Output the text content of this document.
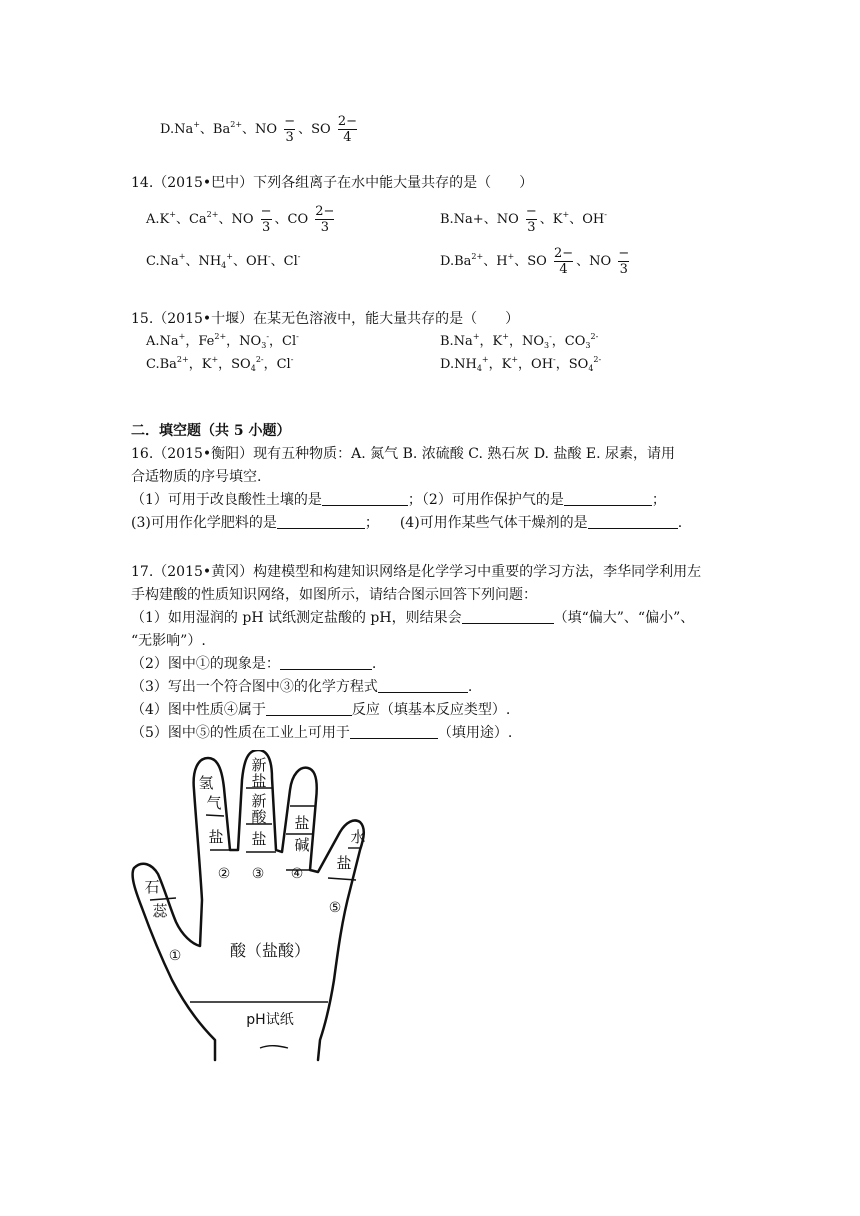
D.Na+、$Ba^{2+}$、NO $\frac{-}{3}$ 、SO $\frac{2-}{4}$
14.（2015•巴中）下列各组离子在水中能大量共存的是（　　）
A.K+、$Ca^{2+}$、NO $\frac{-}{3}$ 、CO $\frac{2-}{3}$	B.Na+、NO $\frac{-}{3}$ 、K+、OH-
C.Na+、$NH_4^+$、OH-、Cl-	$D.Ba^{2+}$、H+、SO $\frac{2-}{4}$ 、NO $\frac{-}{3}$
15.（2015•十堰）在某无色溶液中，能大量共存的是（　　）
A.Na+，$Fe^{2+}$，$NO_3^-$，Cl-	B.Na+，K+，$NO_3^-$，$CO_3^{2-}$
$C.Ba^{2+}$，K+，$SO_4^{2-}$，Cl-	$D.NH_4^+$，K+，OH-，$SO_4^{2-}$
二．填空题（共 5 小题）
16.（2015•衡阳）现有五种物质：A. 氮气 B. 浓硫酸 C. 熟石灰 D. 盐酸 E. 尿素，请用
合适物质的序号填空.
（1）可用于改良酸性土壤的是	；（2）可用作保护气的是	；
(3)可用作化学肥料的是	；　　(4)可用作某些气体干燥剂的是	.
17.（2015•黄冈）构建模型和构建知识网络是化学学习中重要的学习方法，李华同学利用左
手构建酸的性质知识网络，如图所示，请结合图示回答下列问题：
（1）如用湿润的 pH 试纸测定盐酸的 pH，则结果会	（填“偏大”、“偏小”、
“无影响”）.
（2）图中①的现象是：	.
（3）写出一个符合图中③的化学方程式	.
（4）图中性质④属于	反应（填基本反应类型）.
（5）图中⑤的性质在工业上可用于	（填用途）.
石
蕊
①
氢
气
盐
②
新
盐
新
酸
盐
③
盐
碱
④
水
盐
⑤
酸（盐酸）
pH试纸
